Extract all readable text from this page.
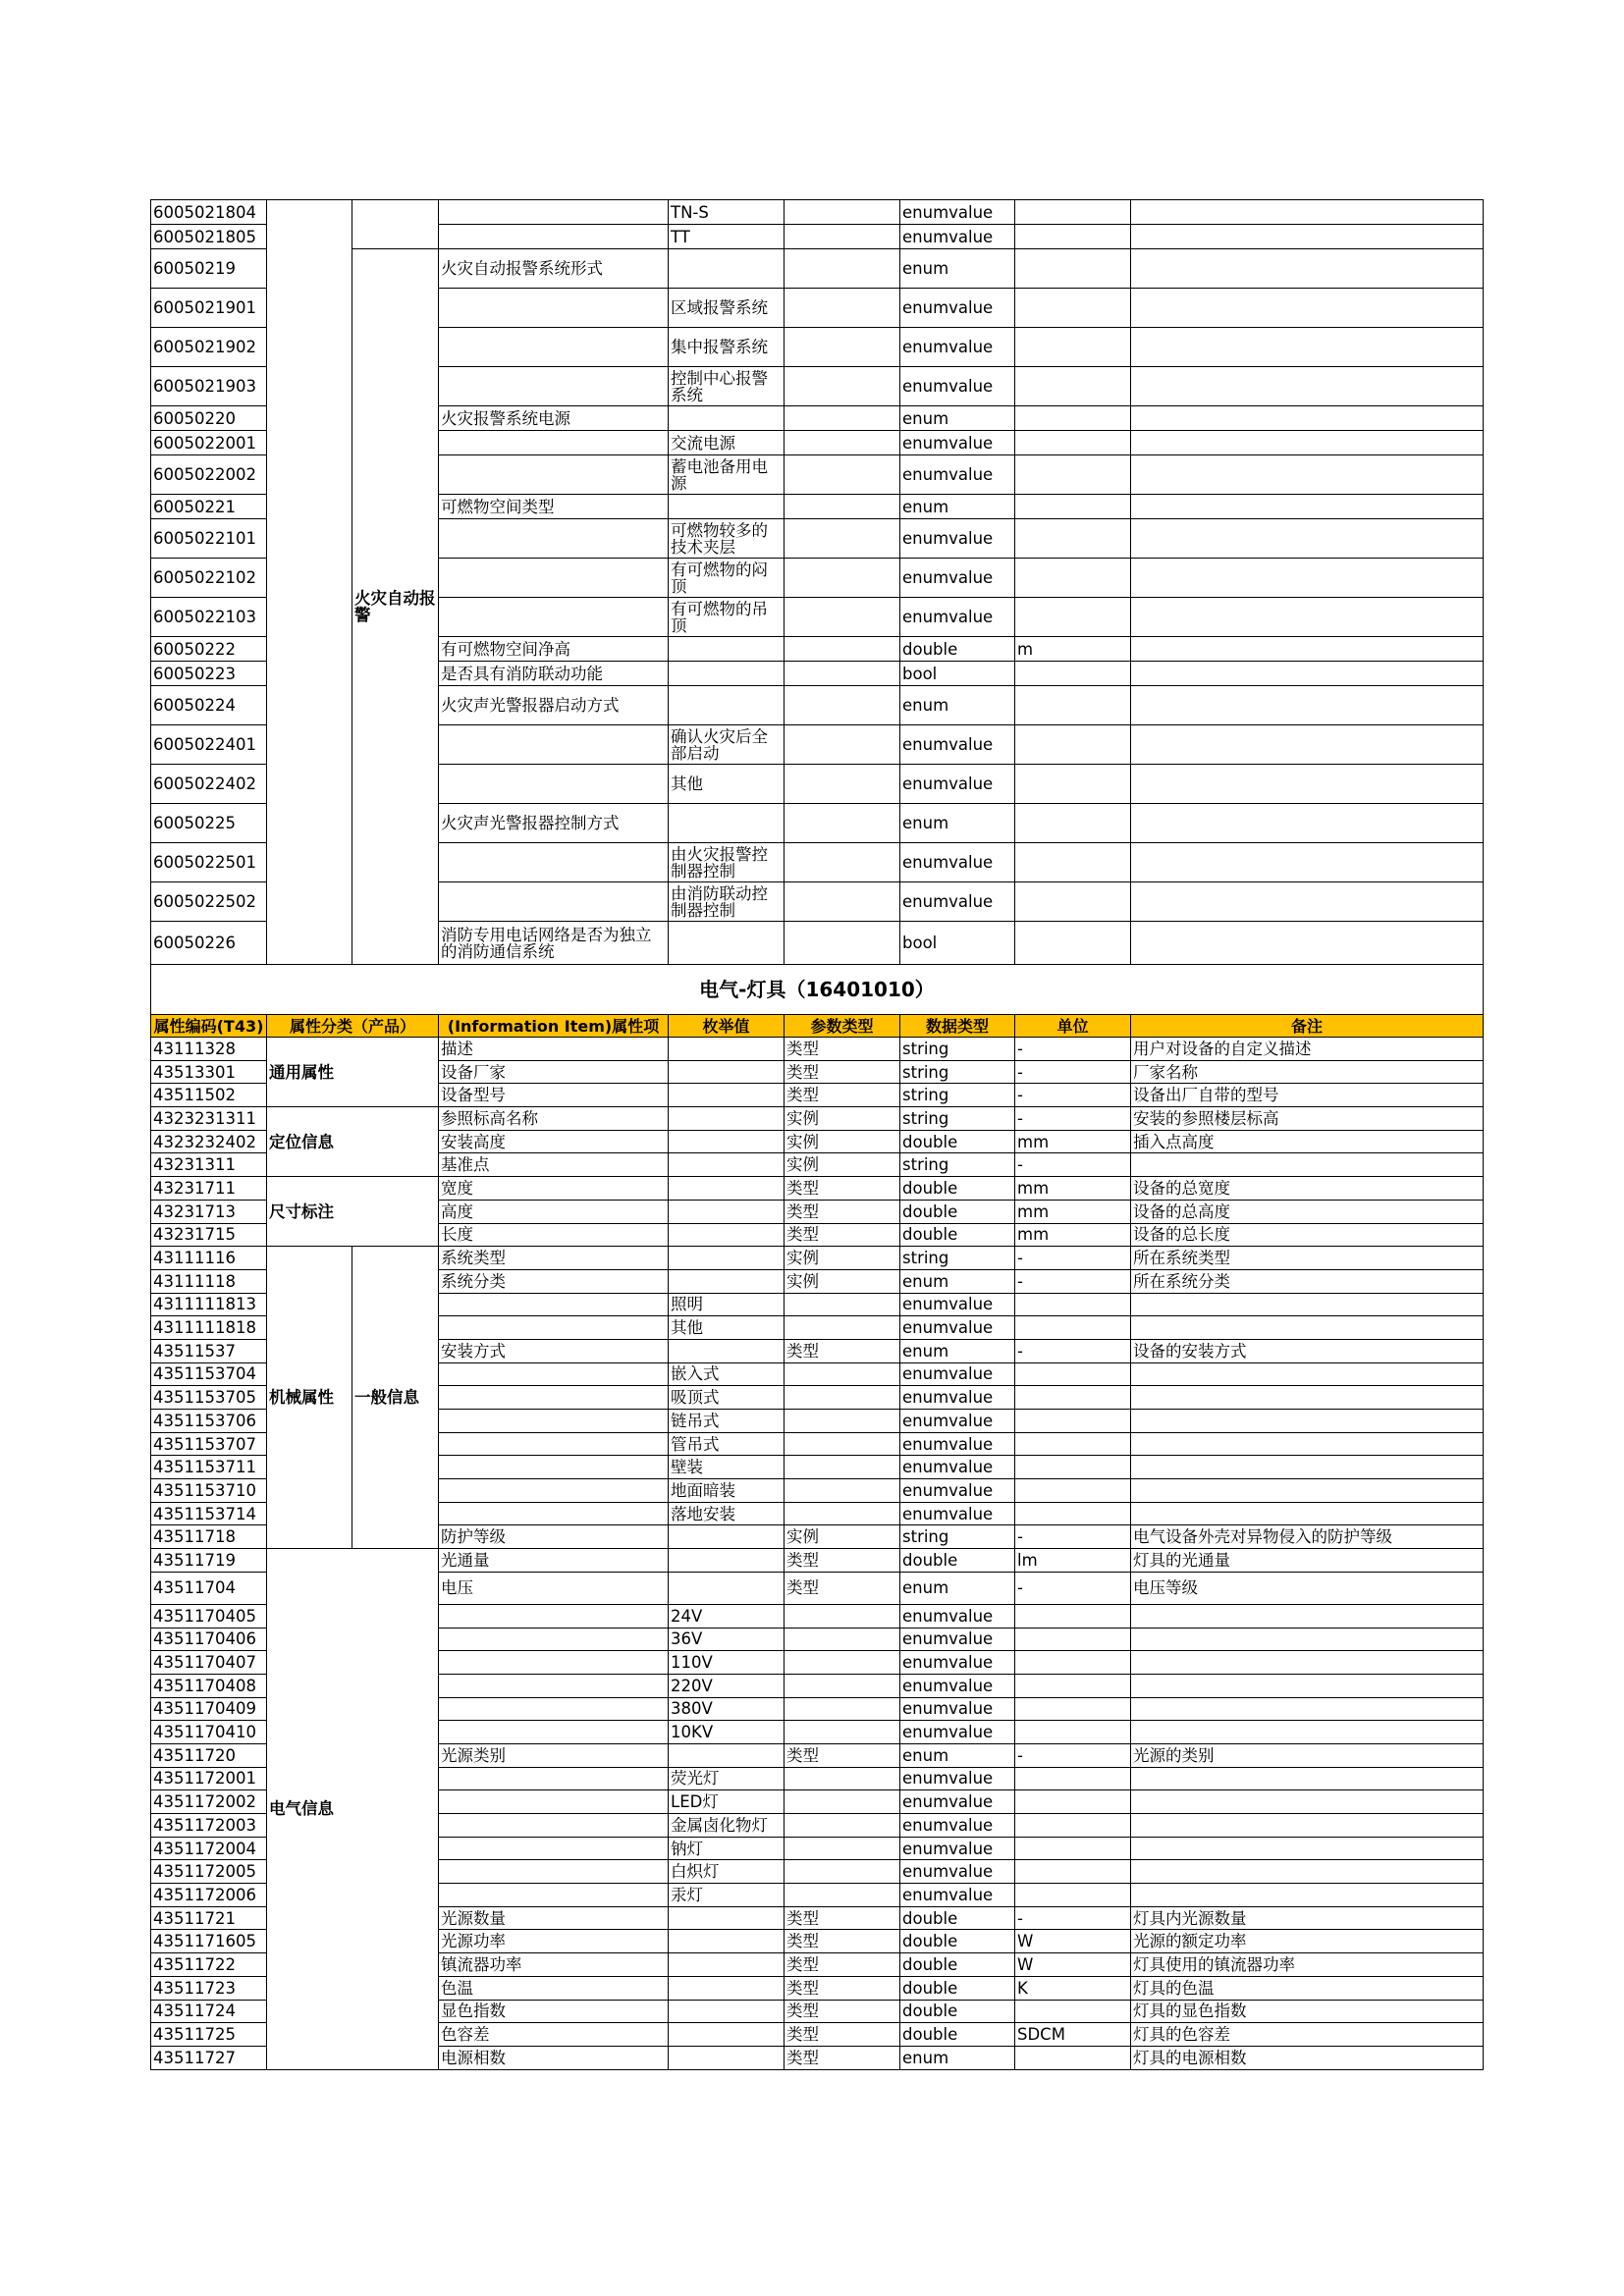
6005021804				TN-S		enumvalue		
6005021805				TT		enumvalue		
60050219		火灾自动报警	火灾自动报警系统形式			enum		
6005021901				区域报警系统		enumvalue		
6005021902				集中报警系统		enumvalue		
6005021903				控制中心报警系统		enumvalue		
60050220			火灾报警系统电源			enum		
6005022001				交流电源		enumvalue		
6005022002				蓄电池备用电源		enumvalue		
60050221			可燃物空间类型			enum		
6005022101				可燃物较多的技术夹层		enumvalue		
6005022102				有可燃物的闷顶		enumvalue		
6005022103				有可燃物的吊顶		enumvalue		
60050222			有可燃物空间净高			double	m	
60050223			是否具有消防联动功能			bool		
60050224			火灾声光警报器启动方式			enum		
6005022401				确认火灾后全部启动		enumvalue		
6005022402				其他		enumvalue		
60050225			火灾声光警报器控制方式			enum		
6005022501				由火灾报警控制器控制		enumvalue		
6005022502				由消防联动控制器控制		enumvalue		
60050226			消防专用电话网络是否为独立的消防通信系统			bool		
电气-灯具（16401010）								
属性编码(T43)	属性分类（产品）		(Information Item)属性项	枚举值	参数类型	数据类型	单位	备注
43111328	通用属性		描述		类型	string	-	用户对设备的自定义描述
43513301			设备厂家		类型	string	-	厂家名称
43511502			设备型号		类型	string	-	设备出厂自带的型号
4323231311	定位信息		参照标高名称		实例	string	-	安装的参照楼层标高
4323232402			安装高度		实例	double	mm	插入点高度
43231311			基准点		实例	string	-	
43231711	尺寸标注		宽度		类型	double	mm	设备的总宽度
43231713			高度		类型	double	mm	设备的总高度
43231715			长度		类型	double	mm	设备的总长度
43111116	机械属性	一般信息	系统类型		实例	string	-	所在系统类型
43111118			系统分类		实例	enum	-	所在系统分类
4311111813				照明		enumvalue		
4311111818				其他		enumvalue		
43511537			安装方式		类型	enum	-	设备的安装方式
4351153704				嵌入式		enumvalue		
4351153705				吸顶式		enumvalue		
4351153706				链吊式		enumvalue		
4351153707				管吊式		enumvalue		
4351153711				壁装		enumvalue		
4351153710				地面暗装		enumvalue		
4351153714				落地安装		enumvalue		
43511718			防护等级		实例	string	-	电气设备外壳对异物侵入的防护等级
43511719	电气信息		光通量		类型	double	lm	灯具的光通量
43511704			电压		类型	enum	-	电压等级
4351170405				24V		enumvalue		
4351170406				36V		enumvalue		
4351170407				110V		enumvalue		
4351170408				220V		enumvalue		
4351170409				380V		enumvalue		
4351170410				10KV		enumvalue		
43511720			光源类别		类型	enum	-	光源的类别
4351172001				荧光灯		enumvalue		
4351172002				LED灯		enumvalue		
4351172003				金属卤化物灯		enumvalue		
4351172004				钠灯		enumvalue		
4351172005				白炽灯		enumvalue		
4351172006				汞灯		enumvalue		
43511721			光源数量		类型	double	-	灯具内光源数量
4351171605			光源功率		类型	double	W	光源的额定功率
43511722			镇流器功率		类型	double	W	灯具使用的镇流器功率
43511723			色温		类型	double	K	灯具的色温
43511724			显色指数		类型	double		灯具的显色指数
43511725			色容差		类型	double	SDCM	灯具的色容差
43511727			电源相数		类型	enum		灯具的电源相数
